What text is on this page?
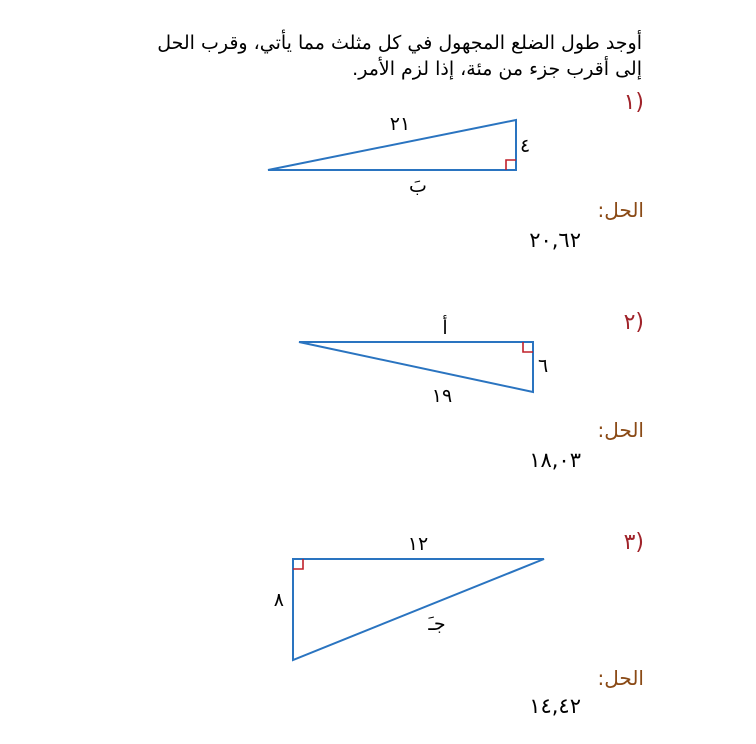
أوجد طول الضلع المجهول في كل مثلث مما يأتي، وقرب الحل
إلى أقرب جزء من مئة، إذا لزم الأمر.
(١
(٢
(٣
٢١
٤
بَ
أ
٦
١٩
١٢
٨
جـَ
الحل:
٢٠,٦٢
الحل:
١٨,٠٣
الحل:
١٤,٤٢
